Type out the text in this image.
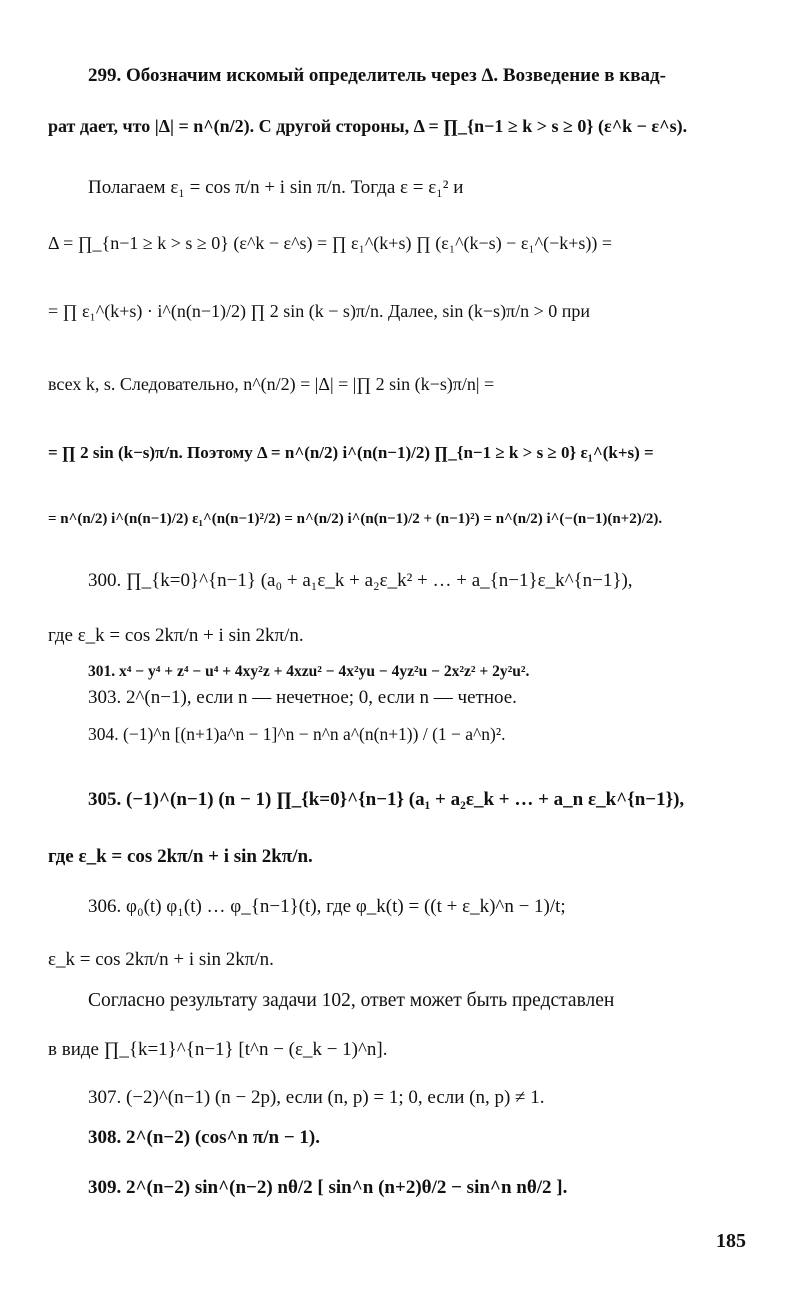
299. Обозначим искомый определитель через Δ. Возведение в квад-
рат дает, что |Δ| = n^(n/2). С другой стороны, Δ = ∏_{n−1 ≥ k > s ≥ 0} (ε^k − ε^s).
Полагаем ε₁ = cos π/n + i sin π/n. Тогда ε = ε₁² и
Δ = ∏_{n−1 ≥ k > s ≥ 0} (ε^k − ε^s) = ∏ ε₁^(k+s) ∏ (ε₁^(k−s) − ε₁^(−k+s)) =
= ∏ ε₁^(k+s) · i^(n(n−1)/2) ∏ 2 sin (k − s)π/n. Далее, sin (k−s)π/n > 0 при
всех k, s. Следовательно, n^(n/2) = |Δ| = |∏ 2 sin (k−s)π/n| =
= ∏ 2 sin (k−s)π/n. Поэтому Δ = n^(n/2) i^(n(n−1)/2) ∏_{n−1 ≥ k > s ≥ 0} ε₁^(k+s) =
= n^(n/2) i^(n(n−1)/2) ε₁^(n(n−1)²/2) = n^(n/2) i^(n(n−1)/2 + (n−1)²) = n^(n/2) i^(−(n−1)(n+2)/2).
300. ∏_{k=0}^{n−1} (a₀ + a₁ε_k + a₂ε_k² + … + a_{n−1}ε_k^{n−1}),
где ε_k = cos 2kπ/n + i sin 2kπ/n.
301. x⁴ − y⁴ + z⁴ − u⁴ + 4xy²z + 4xzu² − 4x²yu − 4yz²u − 2x²z² + 2y²u².
303. 2^(n−1), если n — нечетное; 0, если n — четное.
304. (−1)^n [(n+1)a^n − 1]^n − n^n a^(n(n+1)) / (1 − a^n)².
305. (−1)^(n−1) (n − 1) ∏_{k=0}^{n−1} (a₁ + a₂ε_k + … + a_n ε_k^{n−1}),
где ε_k = cos 2kπ/n + i sin 2kπ/n.
306. φ₀(t) φ₁(t) … φ_{n−1}(t), где φ_k(t) = ((t + ε_k)^n − 1)/t;
ε_k = cos 2kπ/n + i sin 2kπ/n.
Согласно результату задачи 102, ответ может быть представлен
в виде ∏_{k=1}^{n−1} [t^n − (ε_k − 1)^n].
307. (−2)^(n−1) (n − 2p), если (n, p) = 1; 0, если (n, p) ≠ 1.
308. 2^(n−2) (cos^n π/n − 1).
309. 2^(n−2) sin^(n−2) nθ/2 [ sin^n (n+2)θ/2 − sin^n nθ/2 ].
185
